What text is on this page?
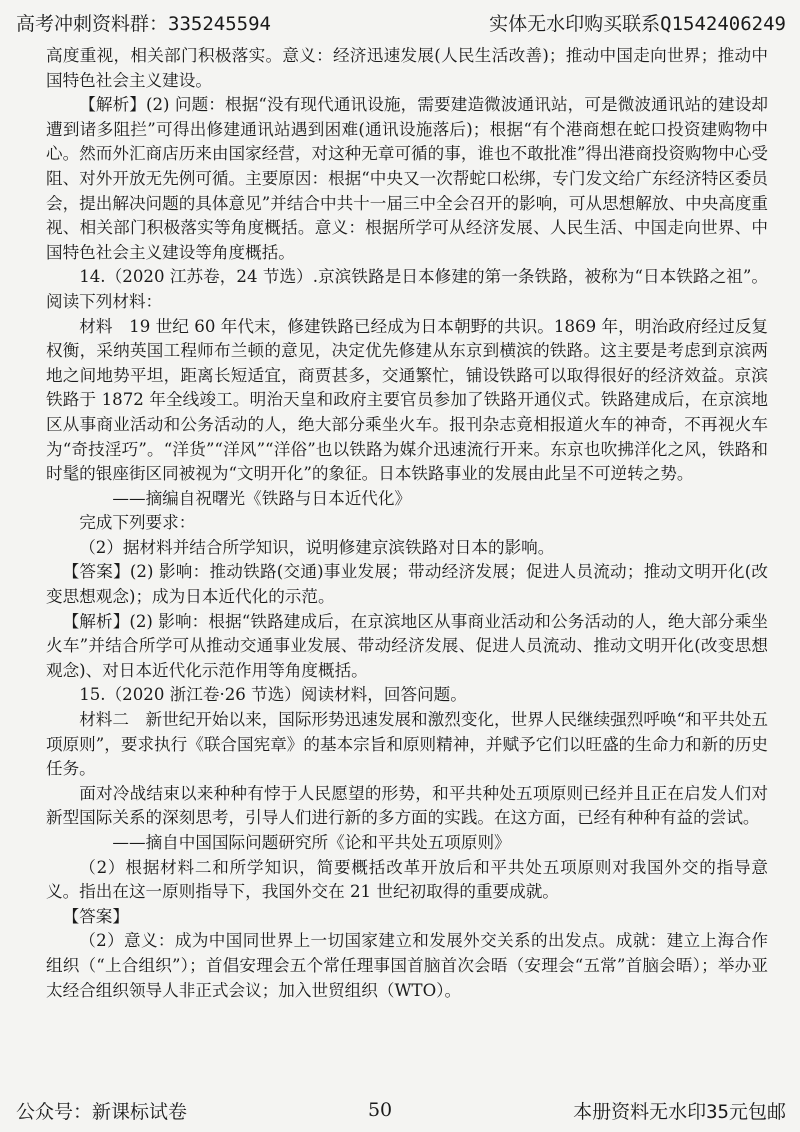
高考冲刺资料群：335245594	实体无水印购买联系Q1542406249

高度重视，相关部门积极落实。意义：经济迅速发展(人民生活改善)；推动中国走向世界；推动中国特色社会主义建设。

【解析】(2) 问题：根据“没有现代通讯设施，需要建造微波通讯站，可是微波通讯站的建设却遭到诸多阻拦”可得出修建通讯站遇到困难(通讯设施落后)；根据“有个港商想在蛇口投资建购物中心。然而外汇商店历来由国家经营，对这种无章可循的事，谁也不敢批准”得出港商投资购物中心受阻、对外开放无先例可循。主要原因：根据“中央又一次帮蛇口松绑，专门发文给广东经济特区委员会，提出解决问题的具体意见”并结合中共十一届三中全会召开的影响，可从思想解放、中央高度重视、相关部门积极落实等角度概括。意义：根据所学可从经济发展、人民生活、中国走向世界、中国特色社会主义建设等角度概括。

14.（2020 江苏卷，24 节选）.京滨铁路是日本修建的第一条铁路，被称为“日本铁路之祖”。阅读下列材料：

材料　19 世纪 60 年代末，修建铁路已经成为日本朝野的共识。1869 年，明治政府经过反复权衡，采纳英国工程师布兰顿的意见，决定优先修建从东京到横滨的铁路。这主要是考虑到京滨两地之间地势平坦，距离长短适宜，商贾甚多，交通繁忙，铺设铁路可以取得很好的经济效益。京滨铁路于 1872 年全线竣工。明治天皇和政府主要官员参加了铁路开通仪式。铁路建成后，在京滨地区从事商业活动和公务活动的人，绝大部分乘坐火车。报刊杂志竟相报道火车的神奇，不再视火车为“奇技淫巧”。“洋货”“洋风”“洋俗”也以铁路为媒介迅速流行开来。东京也吹拂洋化之风，铁路和时髦的银座街区同被视为“文明开化”的象征。日本铁路事业的发展由此呈不可逆转之势。

——摘编自祝曙光《铁路与日本近代化》

完成下列要求：

（2）据材料并结合所学知识，说明修建京滨铁路对日本的影响。

【答案】(2) 影响：推动铁路(交通)事业发展；带动经济发展；促进人员流动；推动文明开化(改变思想观念)；成为日本近代化的示范。

【解析】(2) 影响：根据“铁路建成后，在京滨地区从事商业活动和公务活动的人，绝大部分乘坐火车”并结合所学可从推动交通事业发展、带动经济发展、促进人员流动、推动文明开化(改变思想观念)、对日本近代化示范作用等角度概括。

15.（2020 浙江卷·26 节选）阅读材料，回答问题。

材料二　新世纪开始以来，国际形势迅速发展和激烈变化，世界人民继续强烈呼唤“和平共处五项原则”，要求执行《联合国宪章》的基本宗旨和原则精神，并赋予它们以旺盛的生命力和新的历史任务。

面对冷战结束以来种种有悖于人民愿望的形势，和平共种处五项原则已经并且正在启发人们对新型国际关系的深刻思考，引导人们进行新的多方面的实践。在这方面，已经有种种有益的尝试。

——摘自中国国际问题研究所《论和平共处五项原则》

（2）根据材料二和所学知识，简要概括改革开放后和平共处五项原则对我国外交的指导意义。指出在这一原则指导下，我国外交在 21 世纪初取得的重要成就。

【答案】

（2）意义：成为中国同世界上一切国家建立和发展外交关系的出发点。成就：建立上海合作组织（“上合组织”）；首倡安理会五个常任理事国首脑首次会晤（安理会“五常”首脑会晤）；举办亚太经合组织领导人非正式会议；加入世贸组织（WTO）。

公众号：新课标试卷	50	本册资料无水印35元包邮
